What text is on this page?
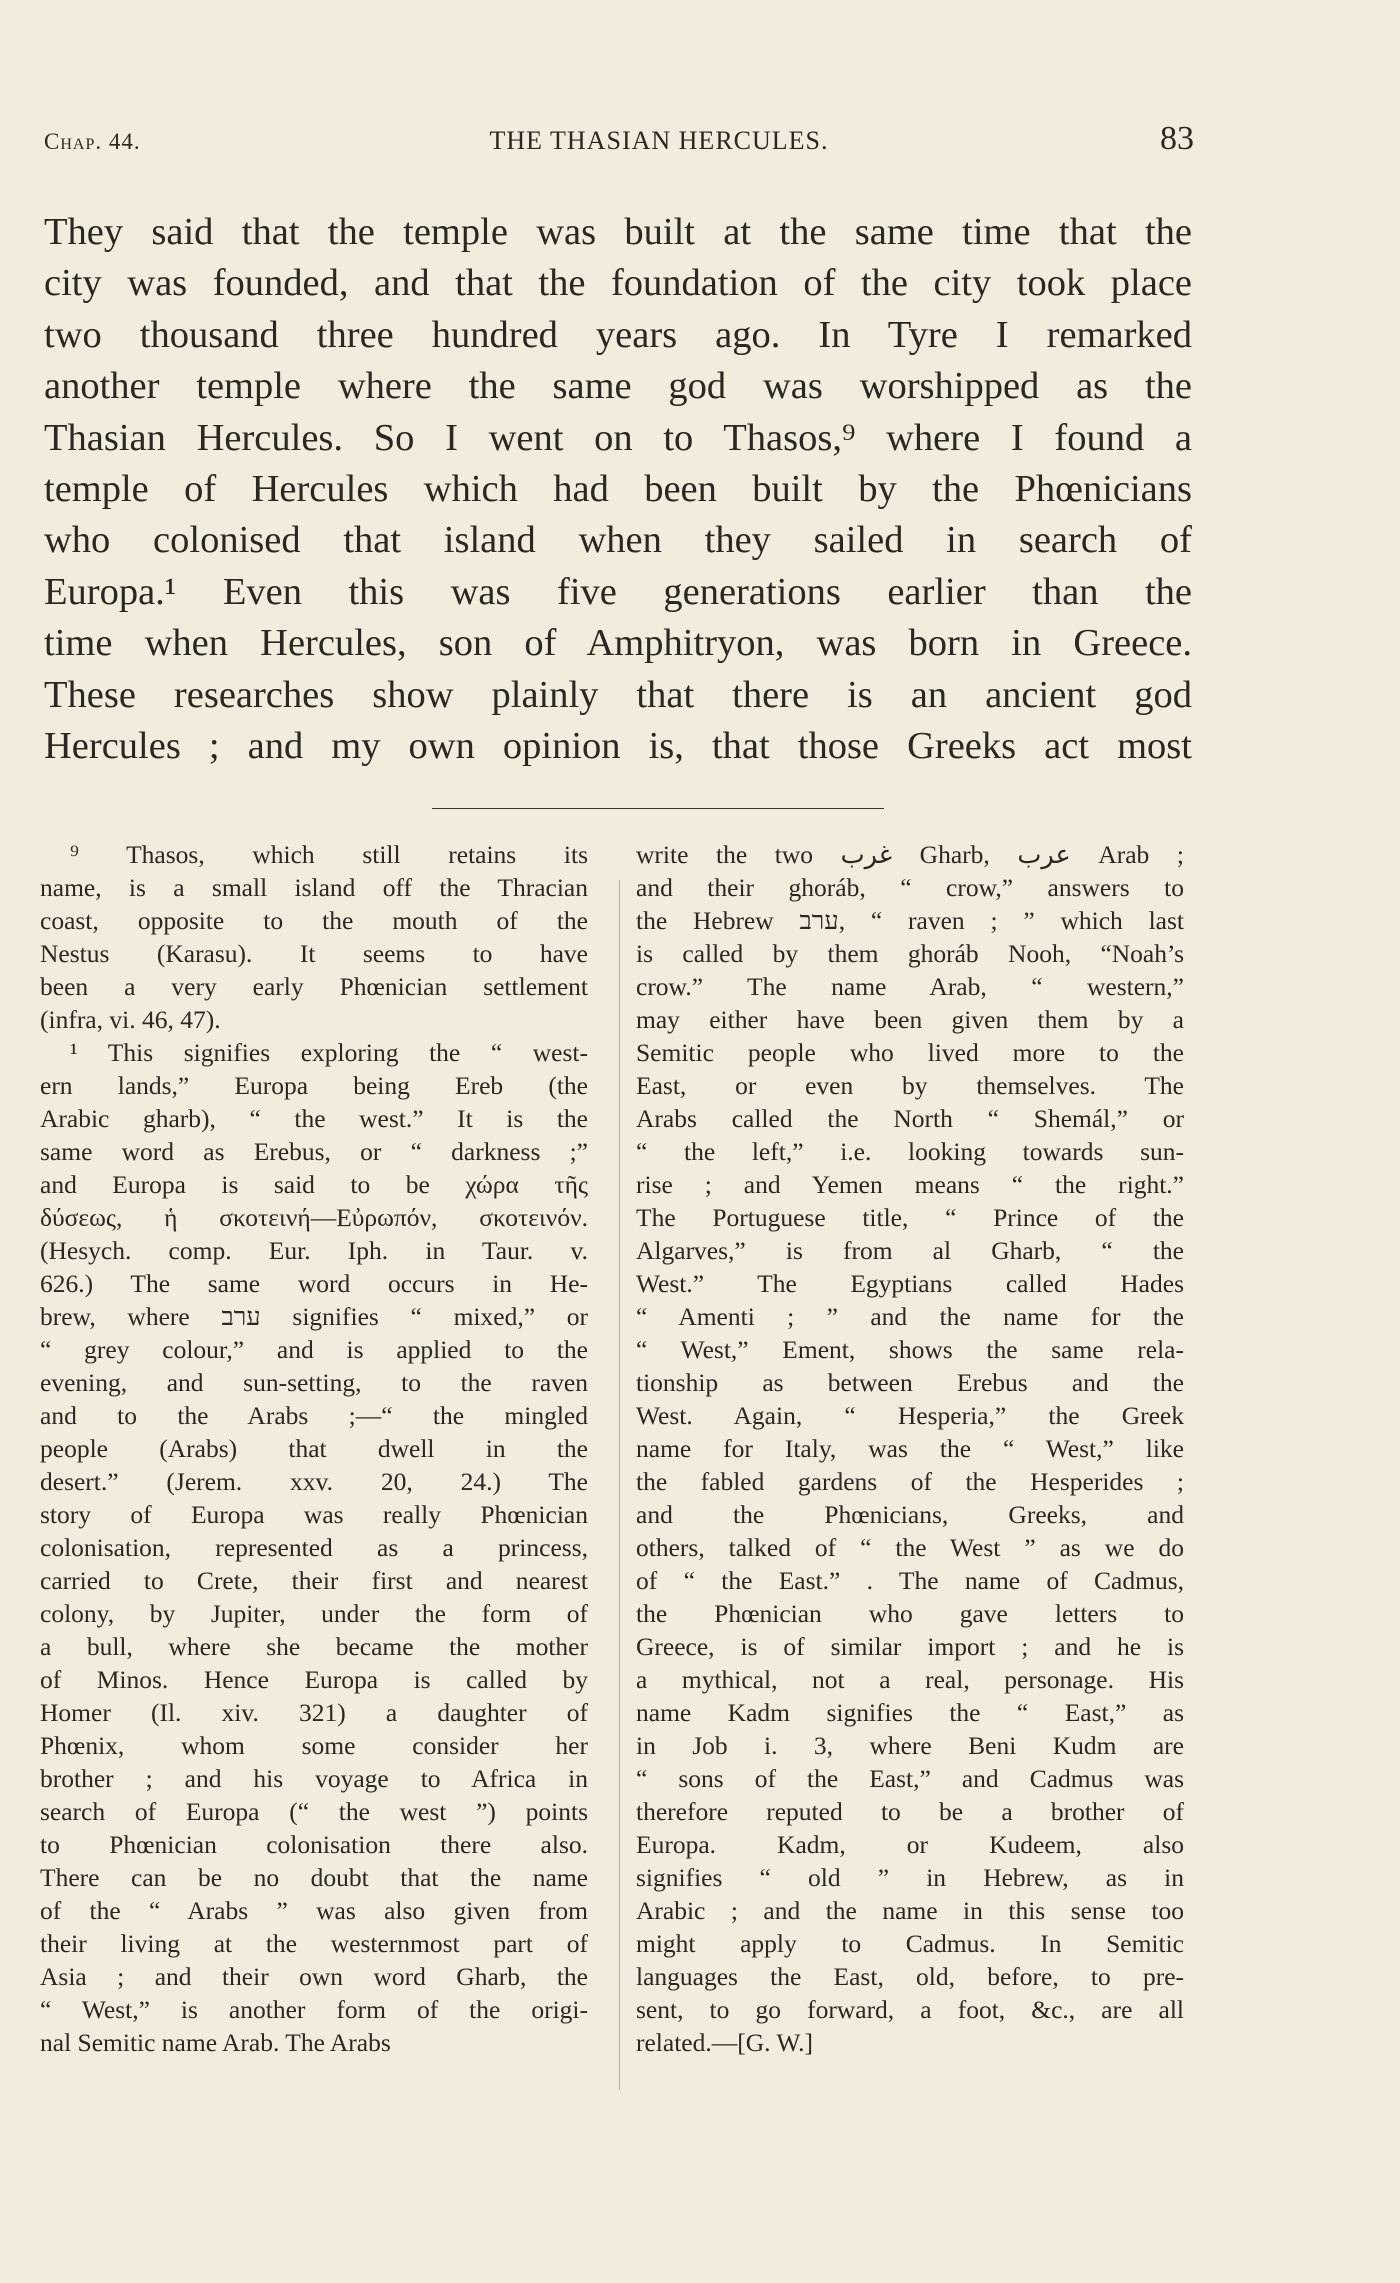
Chap. 44.	THE THASIAN HERCULES.	83
They said that the temple was built at the same time that the
city was founded, and that the foundation of the city took place
two thousand three hundred years ago. In Tyre I remarked
another temple where the same god was worshipped as the
Thasian Hercules. So I went on to Thasos,⁹ where I found a
temple of Hercules which had been built by the Phœnicians
who colonised that island when they sailed in search of
Europa.¹ Even this was five generations earlier than the
time when Hercules, son of Amphitryon, was born in Greece.
These researches show plainly that there is an ancient god
Hercules ; and my own opinion is, that those Greeks act most
⁹ Thasos, which still retains its
name, is a small island off the Thracian
coast, opposite to the mouth of the
Nestus (Karasu). It seems to have
been a very early Phœnician settlement
(infra, vi. 46, 47).
¹ This signifies exploring the “ west-
ern lands,” Europa being Ereb (the
Arabic gharb), “ the west.” It is the
same word as Erebus, or “ darkness ;”
and Europa is said to be χώρα τῆς
δύσεως, ἡ σκοτεινή—Εὐρωπόν, σκοτεινόν.
(Hesych. comp. Eur. Iph. in Taur. v.
626.) The same word occurs in He-
brew, where ערב signifies “ mixed,” or
“ grey colour,” and is applied to the
evening, and sun-setting, to the raven
and to the Arabs ;—“ the mingled
people (Arabs) that dwell in the
desert.” (Jerem. xxv. 20, 24.) The
story of Europa was really Phœnician
colonisation, represented as a princess,
carried to Crete, their first and nearest
colony, by Jupiter, under the form of
a bull, where she became the mother
of Minos. Hence Europa is called by
Homer (Il. xiv. 321) a daughter of
Phœnix, whom some consider her
brother ; and his voyage to Africa in
search of Europa (“ the west ”) points
to Phœnician colonisation there also.
There can be no doubt that the name
of the “ Arabs ” was also given from
their living at the westernmost part of
Asia ; and their own word Gharb, the
“ West,” is another form of the origi-
nal Semitic name Arab. The Arabs
write the two غرب Gharb, عرب Arab ;
and their ghoráb, “ crow,” answers to
the Hebrew ערב, “ raven ; ” which last
is called by them ghoráb Nooh, “Noah’s
crow.” The name Arab, “ western,”
may either have been given them by a
Semitic people who lived more to the
East, or even by themselves. The
Arabs called the North “ Shemál,” or
“ the left,” i.e. looking towards sun-
rise ; and Yemen means “ the right.”
The Portuguese title, “ Prince of the
Algarves,” is from al Gharb, “ the
West.” The Egyptians called Hades
“ Amenti ; ” and the name for the
“ West,” Ement, shows the same rela-
tionship as between Erebus and the
West. Again, “ Hesperia,” the Greek
name for Italy, was the “ West,” like
the fabled gardens of the Hesperides ;
and the Phœnicians, Greeks, and
others, talked of “ the West ” as we do
of “ the East.” . The name of Cadmus,
the Phœnician who gave letters to
Greece, is of similar import ; and he is
a mythical, not a real, personage. His
name Kadm signifies the “ East,” as
in Job i. 3, where Beni Kudm are
“ sons of the East,” and Cadmus was
therefore reputed to be a brother of
Europa. Kadm, or Kudeem, also
signifies “ old ” in Hebrew, as in
Arabic ; and the name in this sense too
might apply to Cadmus. In Semitic
languages the East, old, before, to pre-
sent, to go forward, a foot, &c., are all
related.—[G. W.]
